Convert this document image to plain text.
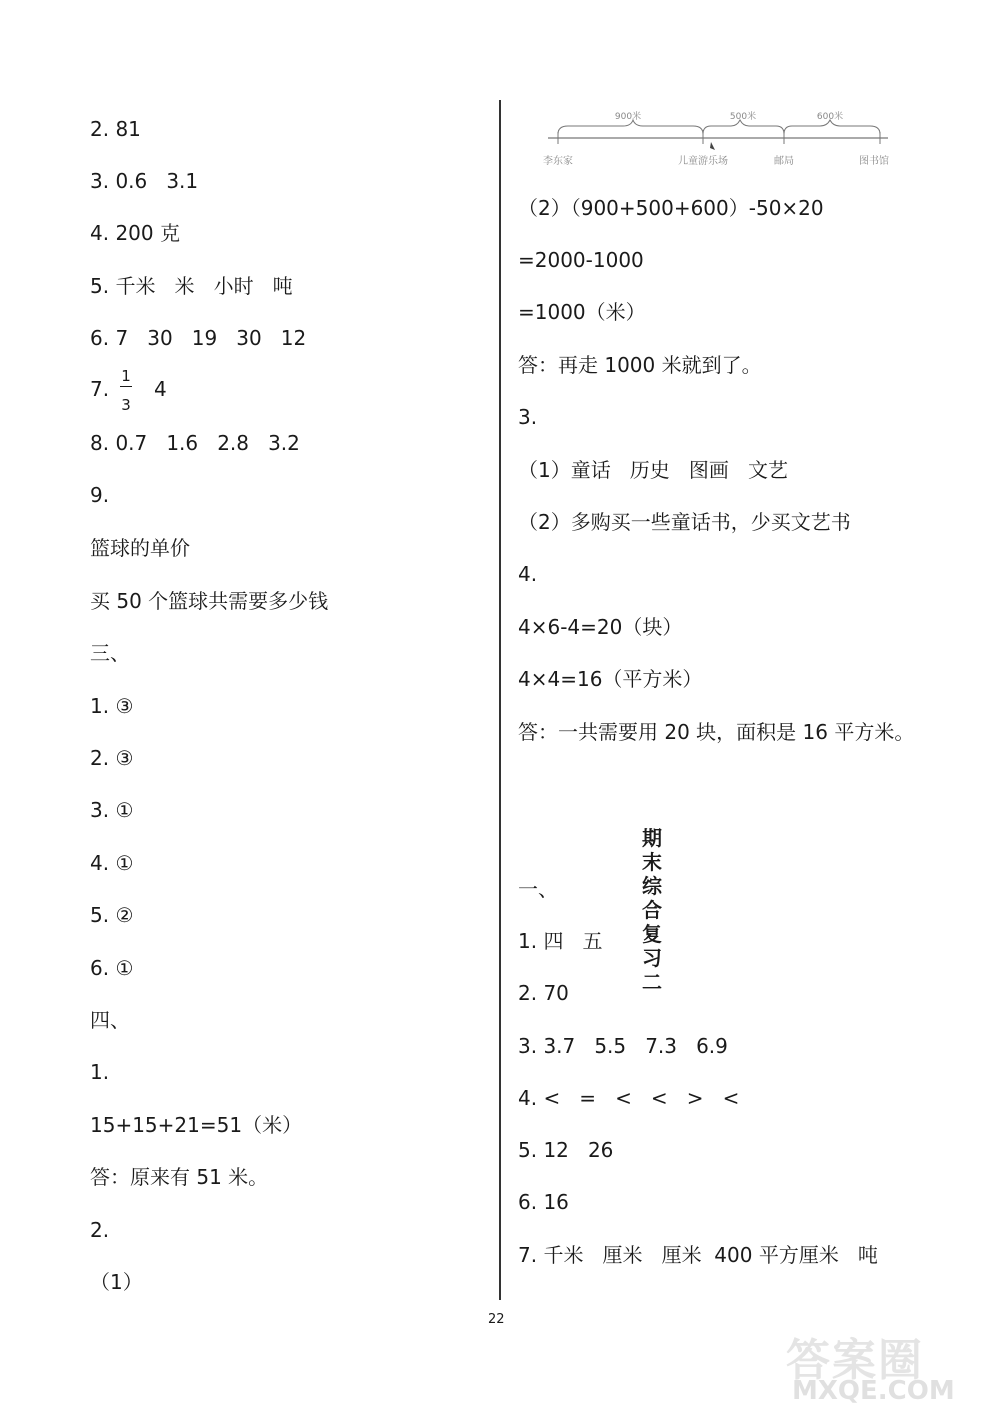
2. 81
3. 0.6   3.1
4. 200 克
5. 千米   米   小时   吨
6. 7   30   19   30   12
7.
1
3
4
8. 0.7   1.6   2.8   3.2
9.
篮球的单价
买 50 个篮球共需要多少钱
三、
1. ③
2. ③
3. ①
4. ①
5. ②
6. ①
四、
1.
15+15+21=51（米）
答：原来有 51 米。
2.
（1）
900米	500米	600米
李东家	儿童游乐场	邮局	图书馆
（2）（900+500+600）-50×20
=2000-1000
=1000（米）
答：再走 1000 米就到了。
3.
（1）童话   历史   图画   文艺
（2）多购买一些童话书，少买文艺书
4.
4×6-4=20（块）
4×4=16（平方米）
答：一共需要用 20 块，面积是 16 平方米。
期末综合复习二
一、
1. 四   五
2. 70
3. 3.7   5.5   7.3   6.9
4. <   =   <   <   >   <
5. 12   26
6. 16
7. 千米   厘米   厘米  400 平方厘米   吨
22
答案圈
MXQE.COM
